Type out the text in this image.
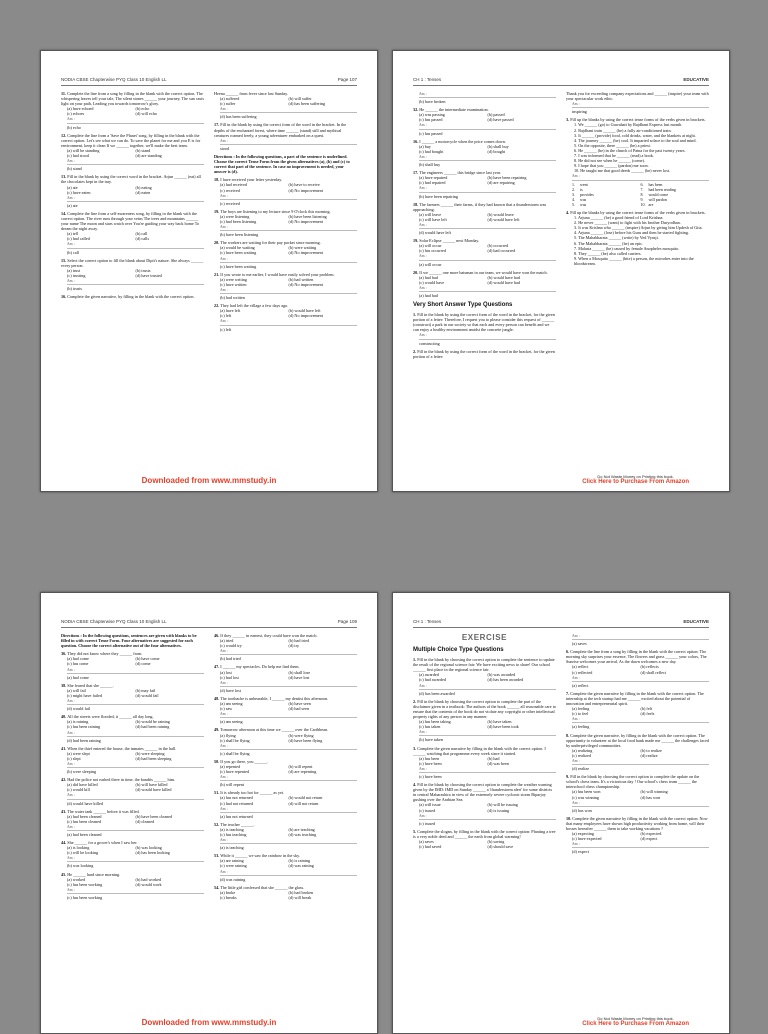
NODIA CBSE Chapterwise PYQ Class 10 English LL	Page 107
11. Complete the line from a song by filling in the blank with the correct option. The whispering leaves tell your tale, The silent stones ______ your journey, The sun casts light on your path, Leading you towards tomorrow's glory.
(a) have echoed	(b) echo
(c) echoes	(d) will echo
Ans :
(b) echo
12. Complete the line from a 'Save the Planet' song, by filling in the blank with the correct option. Let's see what we can do. To save the planet for me and you E is for environment, keep it clean If we ______ together, we'll make the best team.
(a) will be standing	(b) stand
(c) had stood	(d) are standing
Ans :
(b) stand
13. Fill in the blank by using the correct word in the bracket. Arjun ______ (eat) all the chocolates kept in the tray.
(a) ate	(b) eating
(c) have eaten	(d) eaten
Ans :
(a) ate
14. Complete the line from a self-awareness song, by filling in the blank with the correct option. The river runs through your veins The trees and mountains ______ your name The moon and stars watch over You're guiding your way back home To dream the night away.
(a) tell	(b) call
(c) had called	(d) calls
Ans :
(b) call
15. Select the correct option to fill the blank about Dipti's nature. She always ______ every person.
(a) trust	(b) trusts
(c) trusting	(d) have trusted
Ans :
(b) trusts
16. Complete the given narrative, by filling in the blank with the correct option.
Heena ______ from fever since last Sunday.
(a) suffered	(b) will suffer
(c) suffer	(d) has been suffering
Ans :
(d) has been suffering
17. Fill in the blank by using the correct form of the word in the bracket. In the depths of the enchanted forest, where time ______ (stand) still and mythical creatures roamed freely, a young adventurer embarked on a quest.
Ans :
stood
Directions : In the following questions, a part of the sentence is underlined. Choose the correct Tense Form from the given alternatives (a), (b) and (c) to correct that part of the sentence. In case no improvement is needed, your answer is (d).
18. I have received your letter yesterday.
(a) had received	(b) have to receive
(c) received	(d) No improvement
Ans :
(c) received
19. The boys are listening to my lecture since 9 O'clock this morning.
(a) were listening	(b) have been listening
(c) had been listening	(d) No improvement
Ans :
(b) have been listening
20. The workers are waiting for their pay packet since morning.
(a) would be waiting	(b) were waiting
(c) have been waiting	(d) No improvement
Ans :
(c) have been waiting
21. If you wrote to me earlier, I would have easily solved your problem.
(a) were writing	(b) had written
(c) have written	(d) No improvement
Ans :
(b) had written
22. They had left the village a few days ago.
(a) have left	(b) would have left
(c) left	(d) No improvement
Ans :
(c) left
Downloaded from www.mmstudy.in
CH 1 : Tenses	EDUCATIVE
Ans :
(b) have broken
32. He ______ the intermediate examination.
(a) was passing	(b) passed
(c) has passed	(d) have passed
Ans :
(c) has passed
16. I ______ a motorcycle when the price comes down.
(a) buy	(b) shall buy
(c) had bought	(d) bought
Ans :
(b) shall buy
17. The engineers ______ this bridge since last year.
(a) have repaired	(b) have been repairing
(c) had repaired	(d) are repairing
Ans :
(b) have been repairing
18. The farmers ______ their farms, if they had known that a thunderstorm was approaching.
(a) will leave	(b) would leave
(c) will have left	(d) would have left
Ans :
(d) would have left
19. Solar Eclipse ______ next Monday.
(a) will occur	(b) occurred
(c) has occurred	(d) had occurred
Ans :
(a) will occur
20. If we ______ one more batsman in our team, we would have won the match.
(a) had had	(b) would have had
(c) would have	(d) would have had
Ans :
(a) had had
Very Short Answer Type Questions
1. Fill in the blank by using the correct form of the word in the bracket, for the given portion of a letter: Therefore, I request you to please consider this request of ______ (construct) a park in our society so that each and every person can benefit and we can enjoy a healthy environment amidst the concrete jungle.
Ans :
constructing
2. Fill in the blank by using the correct form of the word in the bracket, for the given portion of a letter:
Thank you for exceeding company expectations and ______ (inspire) your team with your spectacular work ethic.
Ans :
inspiring
3. Fill up the blanks by using the correct tense forms of the verbs given in brackets.
1. We ______ (go) to Guwahati by Rajdhani Express last month.
2. Rajdhani train ______ (be) a fully air-conditioned train.
3. It ______ (provide) food, cold drinks, water, and the blankets at night.
4. The journey ______ (be) cool. It imparted solace to the soul and mind.
5. On the opposite, there ______ (be) a priest.
6. He ______ (be) in the church of Patna for the past twenty years.
7. I was informed that he ______ (read) a book.
8. He did not see when he ______ (come).
9. I hope that you ______ (pardon) me soon.
10. He taught me that good deeds ______ (be) never lost.
Ans :
1.	went	6.	has been
2.	is	7.	had been reading
3.	provides	8.	would come
4.	was	9.	will pardon
5.	was	10. are
4. Fill up the blanks by using the correct tense forms of the verbs given in brackets.
1. Arjuna ______ (be) a good friend of Lord Krishna.
2. He never ______ (want) to fight with his brother Duryodhan.
3. It was Krishna who ______ (inspire) Arjun by giving him Updesh of Gita.
4. Arjuna ______ (lose) before his Guru and then he started fighting.
5. The Mahabharata ______ (write) by Ved Vyasji.
6. The Mahabharata ______ (be) an epic.
7. Malaria ______ (be) caused by female Anopheles mosquito.
8. They ______ (be) also called carriers.
9. When a Mosquito ______ (bite) a person, the microbes enter into the bloodstream.
Do Not Waste Money on Printing this book.
Click Here to Purchase From Amazon
NODIA CBSE Chapterwise PYQ Class 10 English LL	Page 109
Directions : In the following questions, sentences are given with blanks to be filled in with correct Tense Form. Four alternatives are suggested for each question. Choose the correct alternative out of the four alternatives.
36. They did not know where they ______ from.
(a) had come	(b) have come
(c) has come	(d) come
Ans :
(a) had come
38. She feared that she ______.
(a) will fail	(b) may fail
(c) might have failed	(d) would fail
Ans :
(d) would fail
40. All the streets were flooded; it ______ all day long.
(a) is raining	(b) would be raining
(c) has been raining	(d) had been raining
Ans :
(d) had been raining
41. When the thief entered the house, the inmates ______ in the hall.
(a) were slept	(b) were sleeping
(c) slept	(d) had been sleeping
Ans :
(b) were sleeping
42. Had the police not rushed there in time, the bandits ______ him.
(a) did have killed	(b) will have killed
(c) would kill	(d) would have killed
Ans :
(d) would have killed
43. The water tank ______ before it was filled.
(a) had been cleaned	(b) have been cleaned
(c) has been cleaned	(d) cleaned
Ans :
(a) had been cleaned
44. She ______ for a grocer's when I saw her.
(a) is looking	(b) was looking
(c) will be looking	(d) has been looking
Ans :
(b) was looking
45. He ______ hard since morning.
(a) worked	(b) had worked
(c) has been working	(d) would work
Ans :
(c) has been working
46. If they ______ in earnest, they could have won the match.
(a) tried	(b) had tried
(c) would try	(d) try
Ans :
(b) had tried
47. I ______ my spectacles. Do help me find them.
(a) lost	(b) shall lose
(c) had lost	(d) have lost
Ans :
(d) have lost
48. The toothache is unbearable, I ______ my dentist this afternoon.
(a) am seeing	(b) have seen
(c) saw	(d) had seen
Ans :
(a) am seeing
49. Tomorrow afternoon at this time we ______ over the Caribbean.
(a) flying	(b) were flying
(c) shall be flying	(d) have been flying
Ans :
(c) shall be flying
50. If you go there, you ______.
(a) repented	(b) will repent
(c) have repented	(d) are repenting
Ans :
(b) will repent
51. It is already too hot for ______ as yet.
(a) has not returned	(b) would not return
(c) had not returned	(d) will not return
Ans :
(a) has not returned
52. The teacher ______.
(a) is teaching	(b) are teaching
(c) has teaching	(d) was teaching
Ans :
(a) is teaching
53. While it ______ we saw the rainbow in the sky.
(a) are raining	(b) is raining
(c) were raining	(d) was raining
Ans :
(d) was raining
54. The little girl confessed that she ______ the glass.
(a) broke	(b) had broken
(c) breaks	(d) will break
Downloaded from www.mmstudy.in
CH 1 : Tenses	EDUCATIVE
EXERCISE
Multiple Choice Type Questions
1. Fill in the blank by choosing the correct option to complete the sentence to update the result of the regional science fair: We have exciting news to share! Our school ______ first place in the regional science fair.
(a) awarded	(b) was awarded
(c) had awarded	(d) has been awarded
Ans :
(d) has been awarded
2. Fill in the blank by choosing the correct option to complete the part of the disclaimer given in a textbook: The authors of the book ______ all reasonable care to ensure that the contents of the book do not violate any copyright or other intellectual property rights of any person in any manner.
(a) has been taking	(b) have taken
(c) has taken	(d) have been took
Ans :
(b) have taken
3. Complete the given narrative by filling in the blank with the correct option. I ______ watching that programme every week since it started.
(a) has been	(b) had
(c) have been	(d) was been
Ans :
(c) have been
4. Fill in the blank by choosing the correct option to complete the weather warning given by the IMD: IMD on Sunday ______ a 'thunderstorm alert' for some districts in central Maharashtra in view of the extremely severe cyclonic storm Biparjoy gushing over the Arabian Sea.
(a) will issue	(b) will be issuing
(c) issued	(d) is issuing
Ans :
(c) issued
5. Complete the slogan, by filling in the blank with the correct option: Planting a tree is a very noble deed and ______ the earth from global warming!
(a) saves	(b) saving
(c) had saved	(d) should save
Ans :
(a) saves
6. Complete the line from a song by filling in the blank with the correct option: The morning sky surprises your essence, The flowers and grass ______ your colors, The Sunrise welcomes your arrival, As the dawn welcomes a new day.
(a) reflect	(b) reflects
(c) reflected	(d) shall reflect
Ans :
(a) reflect
7. Complete the given narrative by filling in the blank with the correct option. The internship at the tech startup had me ______ excited about the potential of innovation and entrepreneurial spirit.
(a) feeling	(b) felt
(c) to feel	(d) feels
Ans :
(a) feeling
8. Complete the given narrative, by filling in the blank with the correct option. The opportunity to volunteer at the local food bank made me ______ the challenges faced by underprivileged communities.
(a) realizing	(b) to realize
(c) realized	(d) realize
Ans :
(d) realize
9. Fill in the blank by choosing the correct option to complete the update on the school's chess team. It's a victorious day ! Our school's chess team ______ the interschool chess championship.
(a) has been won	(b) will winning
(c) was winning	(d) has won
Ans :
(d) has won
10. Complete the given narrative by filling in the blank with the correct option. Now that many employees have shown high productivity working from home, will their bosses hereafter ______ them to take working vacations ?
(a) expecting	(b) expected
(c) have expected	(d) expect
Ans :
(d) expect
Do Not Waste Money on Printing this book.
Click Here to Purchase From Amazon
